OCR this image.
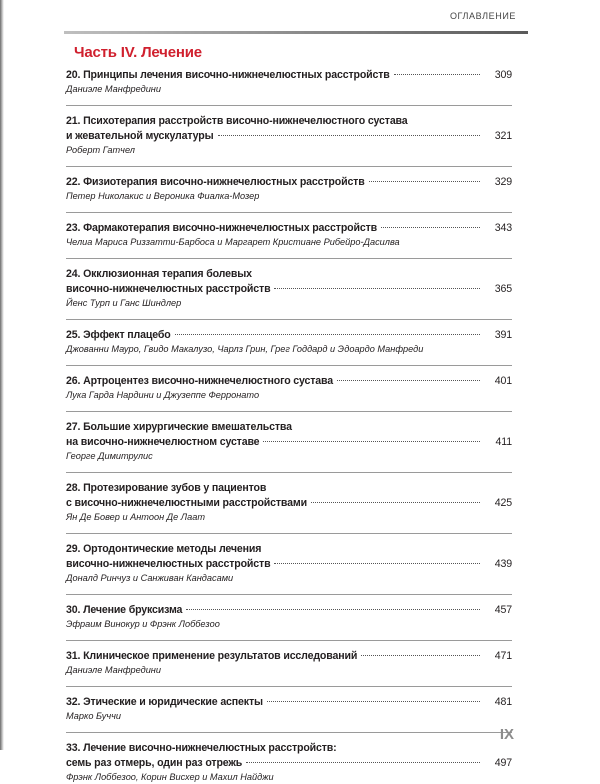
ОГЛАВЛЕНИЕ
Часть IV. Лечение
20. Принципы лечения височно-нижнечелюстных расстройств	309
Даниэле Манфредини
21. Психотерапия расстройств височно-нижнечелюстного сустава
и жевательной мускулатуры	321
Роберт Гатчел
22. Физиотерапия височно-нижнечелюстных расстройств	329
Петер Николакис и Вероника Фиалка-Мозер
23. Фармакотерапия височно-нижнечелюстных расстройств	343
Челиа Мариса Риззатти-Барбоса и Маргарет Кристиане Рибейро-Дасилва
24. Окклюзионная терапия болевых
височно-нижнечелюстных расстройств	365
Йенс Турп и Ганс Шиндлер
25. Эффект плацебо	391
Джованни Мауро, Гвидо Макалузо, Чарлз Грин, Грег Годдард и Эдоардо Манфреди
26. Артроцентез височно-нижнечелюстного сустава	401
Лука Гарда Нардини и Джузеппе Ферронато
27. Большие хирургические вмешательства
на височно-нижнечелюстном суставе	411
Георге Димитрулис
28. Протезирование зубов у пациентов
с височно-нижнечелюстными расстройствами	425
Ян Де Бовер и Антоон Де Лаат
29. Ортодонтические методы лечения
височно-нижнечелюстных расстройств	439
Доналд Ринчуз и Санживан Кандасами
30. Лечение бруксизма	457
Эфраим Винокур и Фрэнк Лоббезоо
31. Клиническое применение результатов исследований	471
Даниэле Манфредини
32. Этические и юридические аспекты	481
Марко Буччи
33. Лечение височно-нижнечелюстных расстройств:
семь раз отмерь, один раз отрежь	497
Фрэнк Лоббезоо, Корин Висхер и Махил Найджи
IX
